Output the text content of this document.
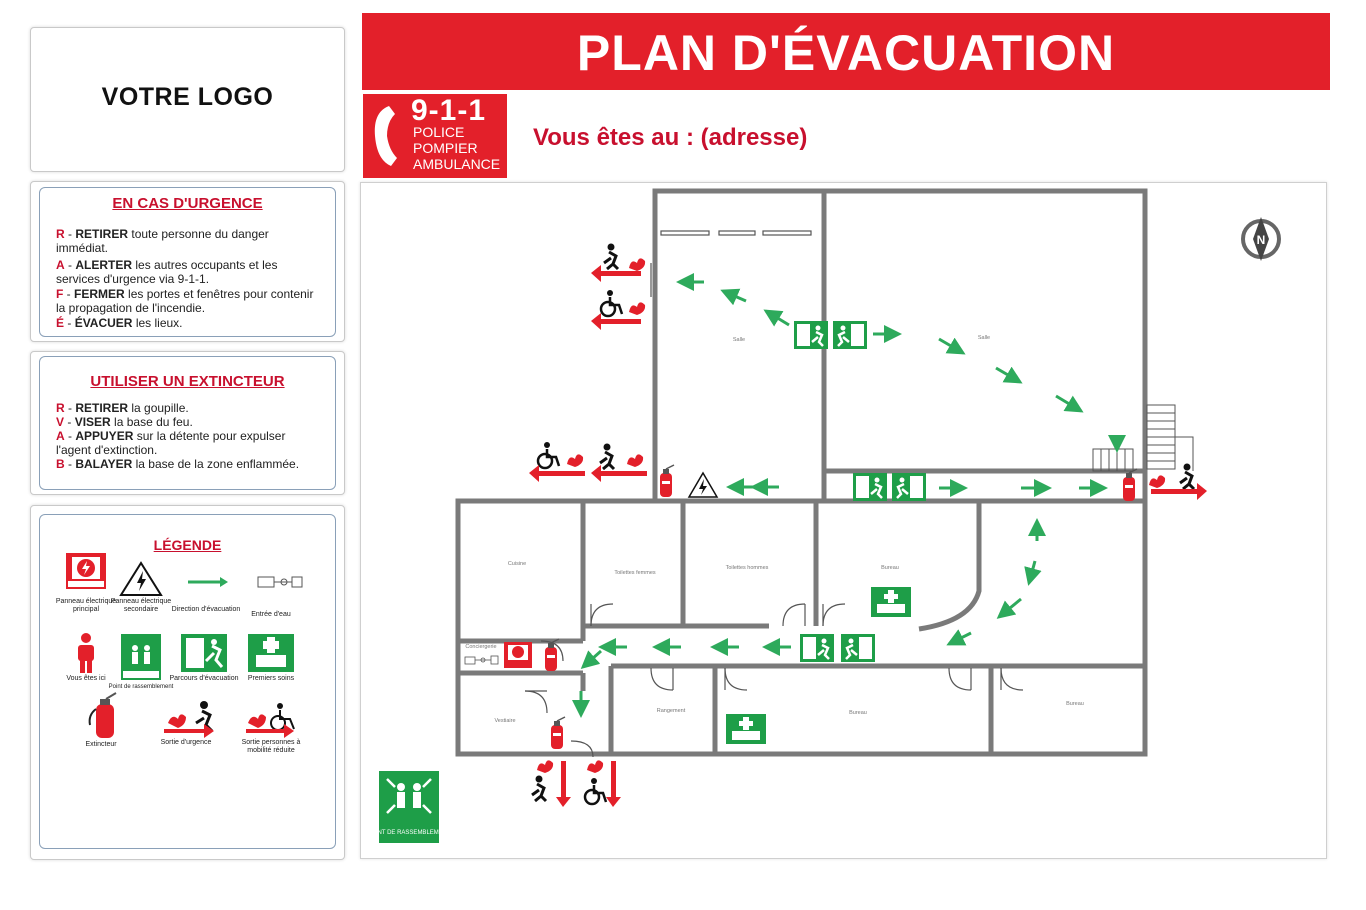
VOTRE LOGO
EN CAS D'URGENCE
R - RETIRER toute personne du danger immédiat.
A - ALERTER les autres occupants et les services d'urgence via 9-1-1.
F - FERMER les portes et fenêtres pour contenir la propagation de l'incendie.
É - ÉVACUER les lieux.
UTILISER UN EXTINCTEUR
R - RETIRER la goupille.
V - VISER la base du feu.
A - APPUYER sur la détente pour expulser l'agent d'extinction.
B - BALAYER la base de la zone enflammée.
LÉGENDE
Panneau électrique principal
Panneau électrique secondaire	Direction d'évacuation
Entrée d'eau
Vous êtes ici
Point de rassemblement
Parcours d'évacuation	Premiers soins
Extincteur	Sortie d'urgence	Sortie personnes à mobilité réduite
PLAN D'ÉVACUATION
9-1-1
POLICE
POMPIER
AMBULANCE
Vous êtes au : (adresse)
N
POINT DE RASSEMBLEMENT
Salle	Salle
Cuisine
Toilettes femmes
Toilettes hommes	Bureau
Bureau
Bureau
Rangement
Vestiaire
Conciergerie
